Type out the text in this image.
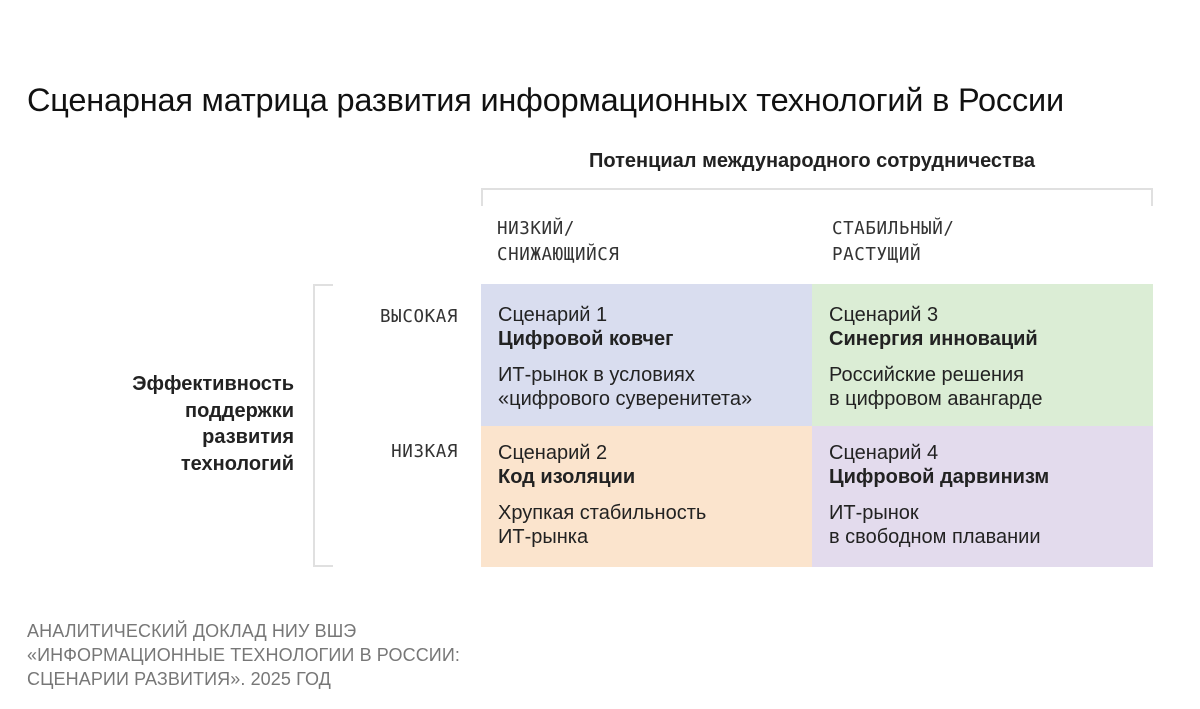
Сценарная матрица развития информационных технологий в России
Потенциал международного сотрудничества
НИЗКИЙ/
СНИЖАЮЩИЙСЯ
СТАБИЛЬНЫЙ/
РАСТУЩИЙ
Эффективность
поддержки
развития
технологий
ВЫСОКАЯ
НИЗКАЯ
Сценарий 1
Цифровой ковчег
ИТ-рынок в условиях
«цифрового суверенитета»
Сценарий 3
Синергия инноваций
Российские решения
в цифровом авангарде
Сценарий 2
Код изоляции
Хрупкая стабильность
ИТ-рынка
Сценарий 4
Цифровой дарвинизм
ИТ-рынок
в свободном плавании
АНАЛИТИЧЕСКИЙ ДОКЛАД НИУ ВШЭ
«ИНФОРМАЦИОННЫЕ ТЕХНОЛОГИИ В РОССИИ:
СЦЕНАРИИ РАЗВИТИЯ». 2025 ГОД
